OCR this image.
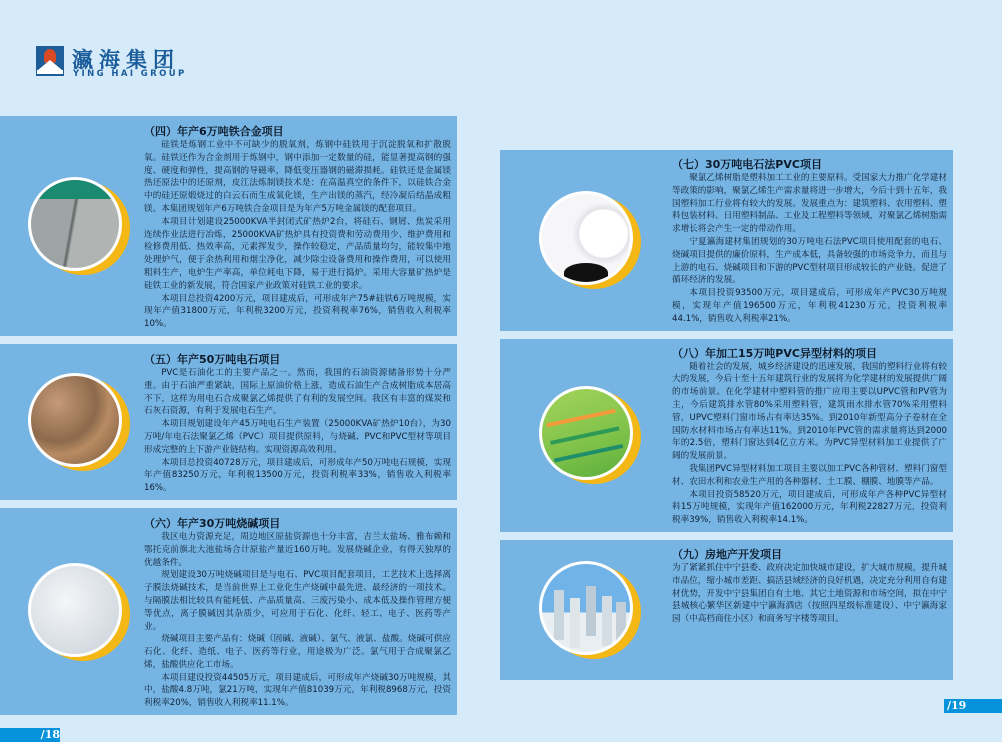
瀛海集团
YING HAI GROUP
（四）年产6万吨铁合金项目

硅铁是炼钢工业中不可缺少的脱氧剂，炼钢中硅铁用于沉淀脱氧和扩散脱氧。硅铁还作为合金剂用于炼钢中，钢中添加一定数量的硅，能显著提高钢的强度、硬度和弹性，提高钢的导磁率，降低变压器钢的磁滞损耗。硅铁还是金属镁热还原法中的还原剂，皮江法炼制镁技术是：在高温真空的条件下，以硅铁合金中的硅还原煅烧过的白云石而生成氧化镁，生产出镁的蒸汽，经冷凝后结晶成粗镁。本集团规划年产6万吨铁合金项目是为年产5万吨金属镁的配套项目。

本项目计划建设25000KVA半封闭式矿热炉2台，将硅石、钢屑、焦炭采用连续作业法进行冶炼，25000KVA矿热炉具有投资费和劳动费用少、维护费用和检修费用低、热效率高，元素挥发少，操作较稳定，产品质量均匀，能较集中地处理炉气，便于余热利用和烟尘净化，减少除尘设备费用和操作费用，可以使用粗料生产，电炉生产率高，单位耗电下降，易于进行捣炉。采用大容量矿热炉是硅铁工业的新发展，符合国家产业政策对硅铁工业的要求。

本项目总投资4200万元，项目建成后，可形成年产75#硅铁6万吨规模，实现年产值31800万元，年利税3200万元，投资利税率76%，销售收入利税率10%。

（五）年产50万吨电石项目

PVC是石油化工的主要产品之一。然而，我国的石油资源储备形势十分严重。由于石油严重紧缺，国际上原油价格上涨，造成石油生产合成树脂成本居高不下，这样为用电石合成聚氯乙烯提供了有利的发展空间。我区有丰富的煤炭和石灰石资源，有利于发展电石生产。

本项目规划建设年产45万吨电石生产装置（25000KVA矿热炉10台），为30万吨/年电石法聚氯乙烯（PVC）项目提供原料，与烧碱、PVC和PVC型材等项目形成完整的上下游产业链结构。实现资源高效利用。

本项目总投资40728万元，项目建成后，可形成年产50万吨电石规模，实现年产值83250万元，年利税13500万元，投资利税率33%，销售收入利税率16%。

（六）年产30万吨烧碱项目

我区电力资源充足，周边地区原盐资源也十分丰富，吉兰太盐场、雅布赖和鄂托克前旗北大池盐场合计原盐产量近160万吨。发展烧碱企业，有得天独厚的优越条件。

规划建设30万吨烧碱项目是与电石、PVC项目配套项目，工艺技术上选择离子膜法烧碱技术，是当前世界上工业化生产烧碱中最先进、最经济的一项技术。与隔膜法相比较具有能耗低、产品质量高、三废污染小、成本低及操作管理方便等优点，离子膜碱因其杂质少，可应用于石化、化纤、轻工、电子、医药等产业。

烧碱项目主要产品有：烧碱（固碱、液碱）、氯气、液氯、盐酸。烧碱可供应石化、化纤、造纸、电子、医药等行业，用途极为广泛。氯气用于合成聚氯乙烯，盐酸供应化工市场。

本项目建设投资44505万元，项目建成后，可形成年产烧碱30万吨规模，其中，盐酸4.8万吨，氯21万吨，实现年产值81039万元，年利税8968万元，投资利税率20%，销售收入利税率11.1%。

/18
（七）30万吨电石法PVC项目

聚氯乙烯树脂是塑料加工工业的主要原料。受国家大力推广化学建材等政策的影响，聚氯乙烯生产需求量将进一步增大，今后十到十五年，我国塑料加工行业将有较大的发展。发展重点为：建筑塑料、农用塑料、塑料包装材料、日用塑料制品、工业及工程塑料等领域，对聚氯乙烯树脂需求增长将会产生一定的带动作用。

宁夏瀛海建材集团规划的30万吨电石法PVC项目使用配套的电石、烧碱项目提供的廉价原料，生产成本低，具备较强的市场竞争力，而且与上游的电石、烧碱项目和下游的PVC型材项目形成较长的产业链。促进了循环经济的发展。

本项目投资93500万元，项目建成后，可形成年产PVC30万吨规模，实现年产值196500万元，年利税41230万元，投资利税率44.1%，销售收入利税率21%。

（八）年加工15万吨PVC异型材料的项目

随着社会的发展，城乡经济建设的迅速发展，我国的塑料行业将有较大的发展，今后十至十五年建筑行业的发展将为化学建材的发展提供广阔的市场前景。在化学建材中塑料管的推广应用主要以UPVC管和PV管为主，今后建筑排水管80%采用塑料管，建筑雨水排水管70%采用塑料管，UPVC塑料门窗市场占有率达35%。到2010年新型高分子卷材在全国防水材料市场占有率达11%。到2010年PVC管的需求量将达到2000年的2.5倍，塑料门窗达到4亿立方米。为PVC异型材料加工业提供了广阔的发展前景。

我集团PVC异型材料加工项目主要以加工PVC各种管材、塑料门窗型材、农田水利和农业生产用的各种器材、土工膜、棚膜、地膜等产品。

本项目投资58520万元，项目建成后，可形成年产各种PVC异型材料15万吨规模，实现年产值162000万元，年利税22827万元，投资利税率39%，销售收入利税率14.1%。

（九）房地产开发项目

为了紧紧抓住中宁县委、政府决定加快城市建设，扩大城市规模，提升城市品位，缩小城市差距、搞活县域经济的良好机遇，决定充分利用自有建材优势，开发中宁县集团自有土地、其它土地资源和市场空间，拟在中宁县城核心繁华区新建中宁瀛海酒店（按照四星级标准建设）、中宁瀛海家园（中高档商住小区）和商务写字楼等项目。

/19
